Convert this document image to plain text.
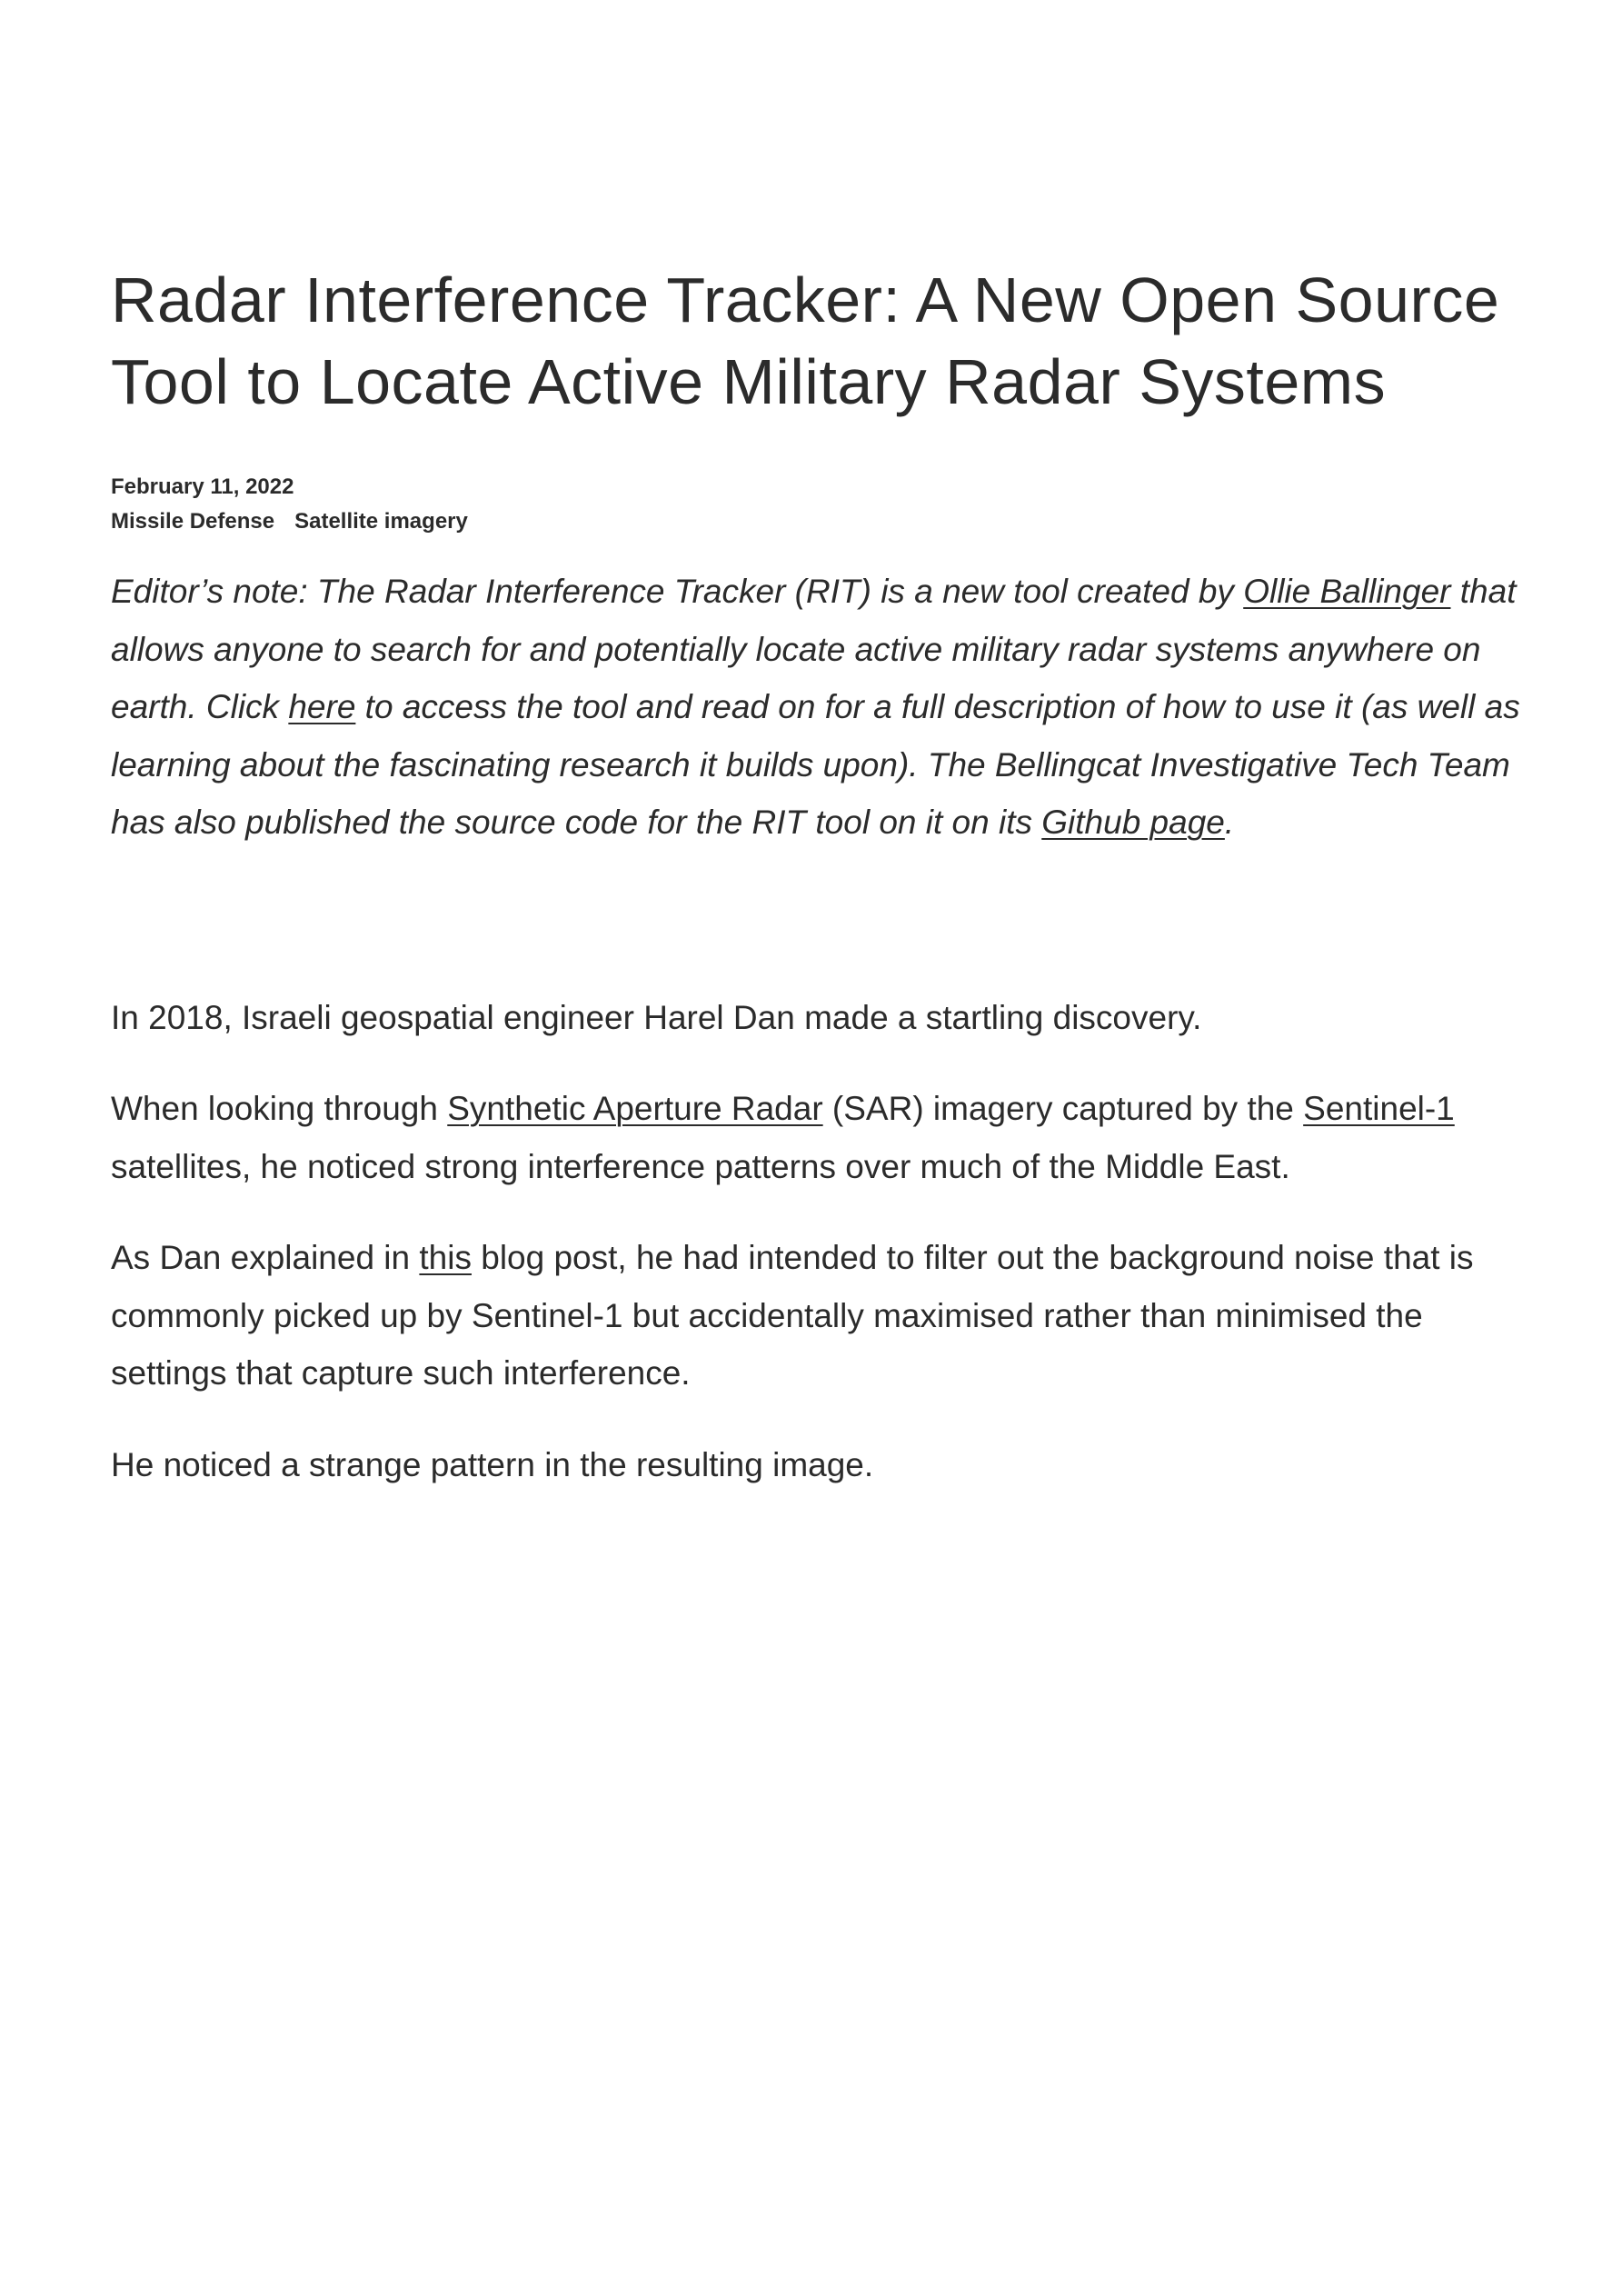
Radar Interference Tracker: A New Open Source Tool to Locate Active Military Radar Systems
February 11, 2022
Missile Defense Satellite imagery

Editor’s note: The Radar Interference Tracker (RIT) is a new tool created by Ollie Ballinger that allows anyone to search for and potentially locate active military radar systems anywhere on earth. Click here to access the tool and read on for a full description of how to use it (as well as learning about the fascinating research it builds upon). The Bellingcat Investigative Tech Team has also published the source code for the RIT tool on it on its Github page.

In 2018, Israeli geospatial engineer Harel Dan made a startling discovery.

When looking through Synthetic Aperture Radar (SAR) imagery captured by the Sentinel-1 satellites, he noticed strong interference patterns over much of the Middle East.

As Dan explained in this blog post, he had intended to filter out the background noise that is commonly picked up by Sentinel-1 but accidentally maximised rather than minimised the settings that capture such interference.

He noticed a strange pattern in the resulting image.
